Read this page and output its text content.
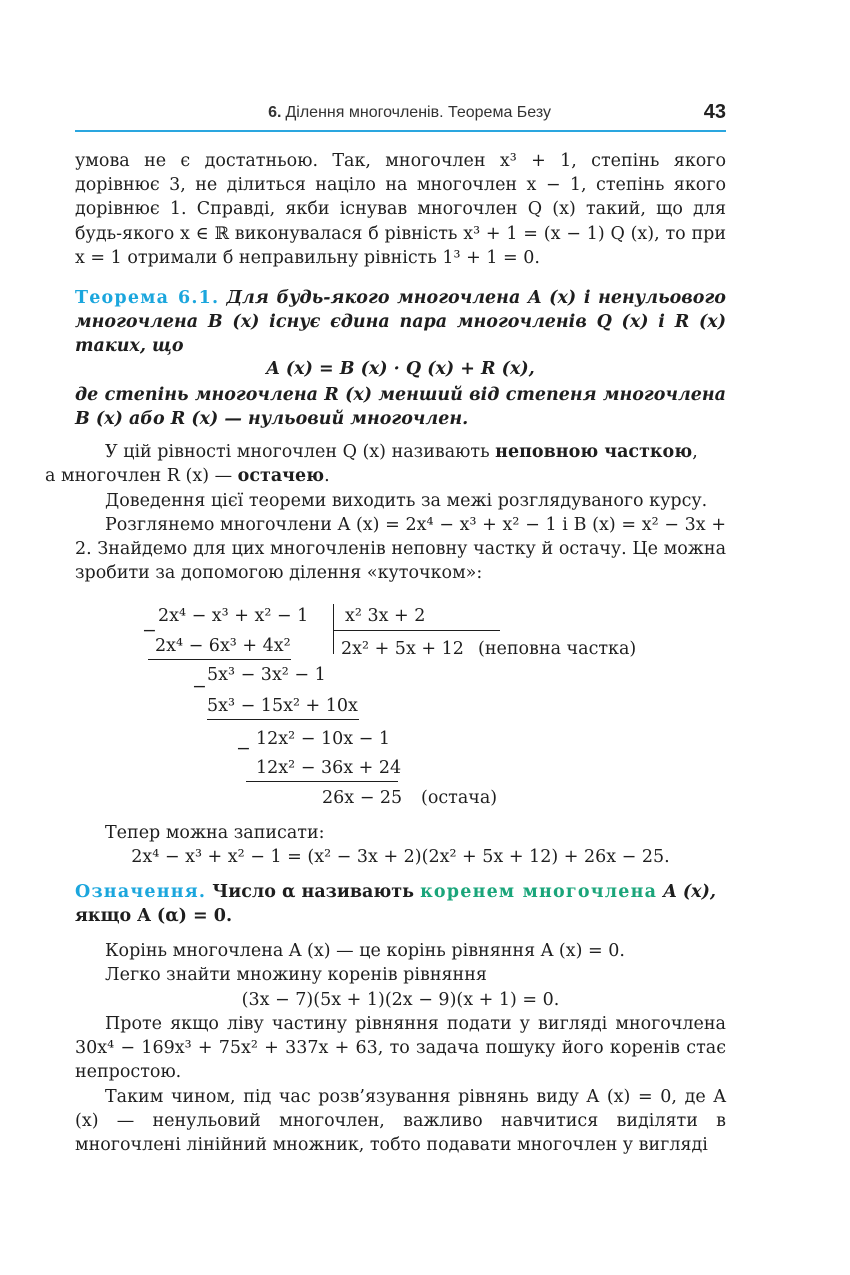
6. Ділення многочленів. Теорема Безу	43
умова не є достатньою. Так, многочлен x³ + 1, степінь якого дорівнює 3, не ділиться націло на многочлен x − 1, степінь якого дорівнює 1. Справді, якби існував многочлен Q (x) такий, що для будь-якого x ∈ ℝ виконувалася б рівність x³ + 1 = (x − 1) Q (x), то при x = 1 отримали б неправильну рівність 1³ + 1 = 0.
Теорема 6.1. Для будь-якого многочлена A (x) і ненульового многочлена B (x) існує єдина пара многочленів Q (x) і R (x) таких, що
A (x) = B (x) · Q (x) + R (x),
де степінь многочлена R (x) менший від степеня многочлена B (x) або R (x) — нульовий многочлен.
У цій рівності многочлен Q (x) називають неповною часткою,
а многочлен R (x) — остачею.
Доведення цієї теореми виходить за межі розглядуваного курсу.
Розглянемо многочлени A (x) = 2x⁴ − x³ + x² − 1 і B (x) = x² − 3x + 2. Знайдемо для цих многочленів неповну частку й остачу. Це можна зробити за допомогою ділення «куточком»:
2x⁴ − x³ + x² − 1
−
x² 3x + 2
2x² + 5x + 12 (неповна частка)
2x⁴ − 6x³ + 4x²
−
5x³ − 3x² − 1
5x³ − 15x² + 10x
− 12x² − 10x − 1
12x² − 36x + 24
26x − 25 (остача)
Тепер можна записати:
2x⁴ − x³ + x² − 1 = (x² − 3x + 2)(2x² + 5x + 12) + 26x − 25.
Означення. Число α називають коренем многочлена A (x),
якщо A (α) = 0.
Корінь многочлена A (x) — це корінь рівняння A (x) = 0.
Легко знайти множину коренів рівняння
(3x − 7)(5x + 1)(2x − 9)(x + 1) = 0.
Проте якщо ліву частину рівняння подати у вигляді многочлена 30x⁴ − 169x³ + 75x² + 337x + 63, то задача пошуку його коренів стає непростою.
Таким чином, під час розв’язування рівнянь виду A (x) = 0, де A (x) — ненульовий многочлен, важливо навчитися виділяти в многочлені лінійний множник, тобто подавати многочлен у вигляді
